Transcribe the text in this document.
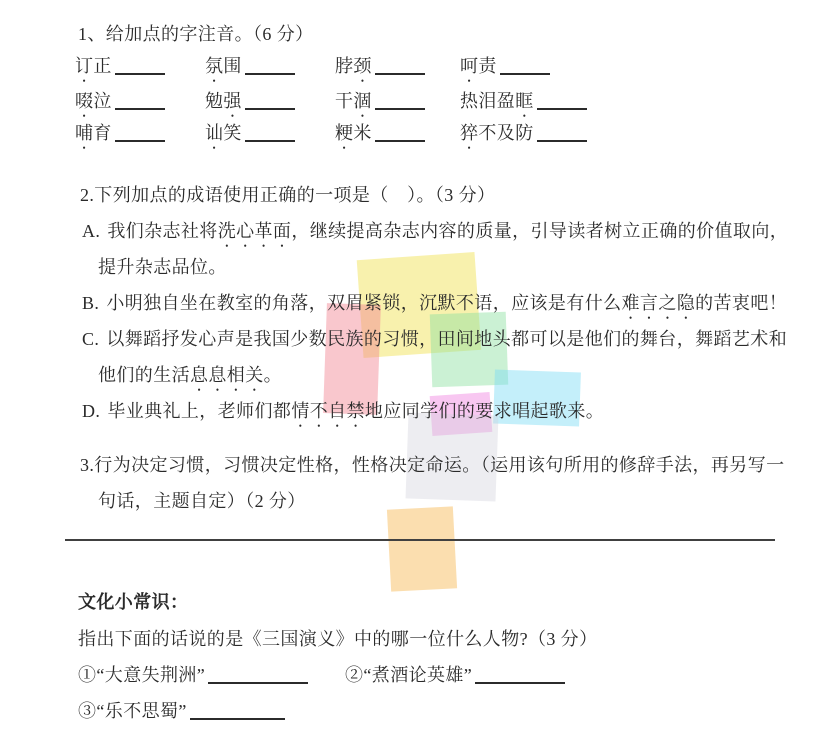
1、给加点的字注音。（6 分）
订正	氛围	脖颈	呵责
啜泣	勉强	干涸	热泪盈眶
哺育	讪笑	粳米	猝不及防
2.下列加点的成语使用正确的一项是（　）。（3 分）
A. 我们杂志社将洗心革面，继续提高杂志内容的质量，引导读者树立正确的价值取向，
提升杂志品位。
B. 小明独自坐在教室的角落，双眉紧锁，沉默不语，应该是有什么难言之隐的苦衷吧！
C. 以舞蹈抒发心声是我国少数民族的习惯，田间地头都可以是他们的舞台，舞蹈艺术和
他们的生活息息相关。
D. 毕业典礼上，老师们都情不自禁地应同学们的要求唱起歌来。
3.行为决定习惯，习惯决定性格，性格决定命运。（运用该句所用的修辞手法，再另写一
句话，主题自定）（2 分）
文化小常识：
指出下面的话说的是《三国演义》中的哪一位什么人物?（3 分）
①“大意失荆洲”	②“煮酒论英雄”
③“乐不思蜀”
